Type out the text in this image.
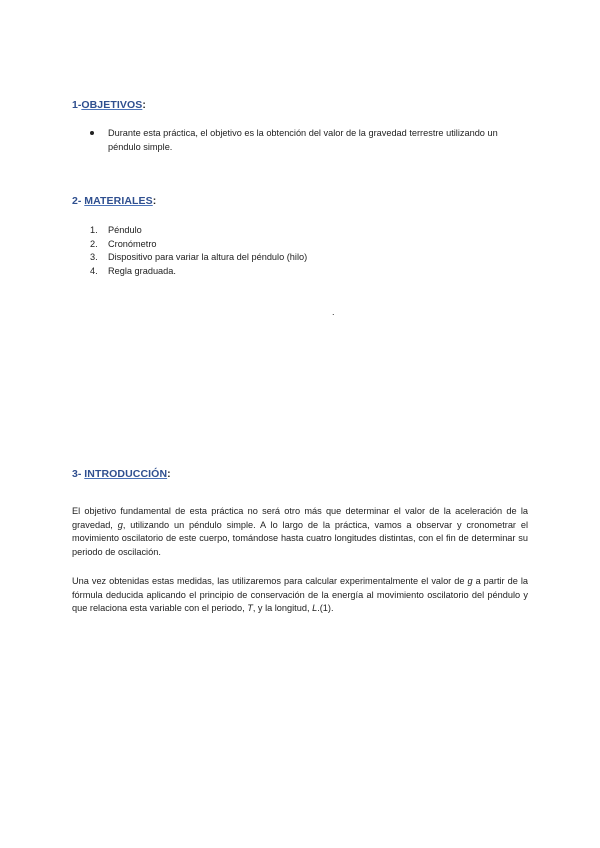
1-OBJETIVOS:
Durante esta práctica, el objetivo es la obtención del valor de la gravedad terrestre utilizando un péndulo simple.
2- MATERIALES:
1. Péndulo
2. Cronómetro
3. Dispositivo para variar la altura del péndulo (hilo)
4. Regla graduada.
.
3- INTRODUCCIÓN:

El objetivo fundamental de esta práctica no será otro más que determinar el valor de la aceleración de la gravedad, g, utilizando un péndulo simple. A lo largo de la práctica, vamos a observar y cronometrar el movimiento oscilatorio de este cuerpo, tomándose hasta cuatro longitudes distintas, con el fin de determinar su periodo de oscilación.

Una vez obtenidas estas medidas, las utilizaremos para calcular experimentalmente el valor de g a partir de la fórmula deducida aplicando el principio de conservación de la energía al movimiento oscilatorio del péndulo y que relaciona esta variable con el periodo, T, y la longitud, L.(1).
